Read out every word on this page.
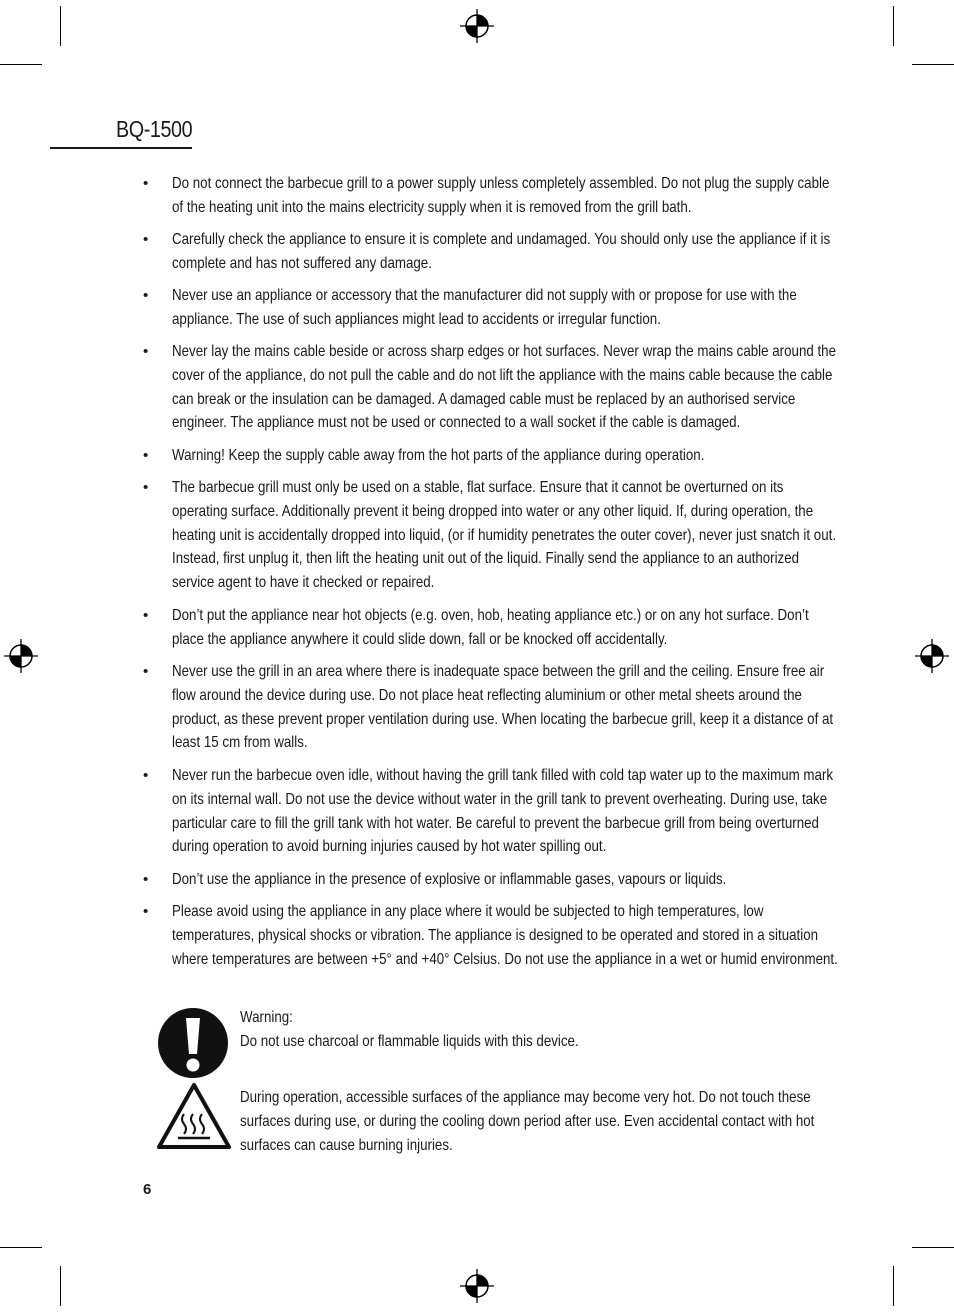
BQ-1500
• Do not connect the barbecue grill to a power supply unless completely assembled. Do not plug the supply cable of the heating unit into the mains electricity supply when it is removed from the grill bath.
• Carefully check the appliance to ensure it is complete and undamaged. You should only use the appliance if it is complete and has not suffered any damage.
• Never use an appliance or accessory that the manufacturer did not supply with or propose for use with the appliance. The use of such appliances might lead to accidents or irregular function.
• Never lay the mains cable beside or across sharp edges or hot surfaces. Never wrap the mains cable around the cover of the appliance, do not pull the cable and do not lift the appliance with the mains cable because the cable can break or the insulation can be damaged. A damaged cable must be replaced by an authorised service engineer. The appliance must not be used or connected to a wall socket if the cable is damaged.
• Warning! Keep the supply cable away from the hot parts of the appliance during operation.
• The barbecue grill must only be used on a stable, flat surface. Ensure that it cannot be overturned on its operating surface. Additionally prevent it being dropped into water or any other liquid. If, during operation, the heating unit is accidentally dropped into liquid, (or if humidity penetrates the outer cover), never just snatch it out. Instead, first unplug it, then lift the heating unit out of the liquid. Finally send the appliance to an authorized service agent to have it checked or repaired.
• Don’t put the appliance near hot objects (e.g. oven, hob, heating appliance etc.) or on any hot surface. Don’t place the appliance anywhere it could slide down, fall or be knocked off accidentally.
• Never use the grill in an area where there is inadequate space between the grill and the ceiling. Ensure free air flow around the device during use. Do not place heat reflecting aluminium or other metal sheets around the product, as these prevent proper ventilation during use. When locating the barbecue grill, keep it a distance of at least 15 cm from walls.
• Never run the barbecue oven idle, without having the grill tank filled with cold tap water up to the maximum mark on its internal wall. Do not use the device without water in the grill tank to prevent overheating. During use, take particular care to fill the grill tank with hot water. Be careful to prevent the barbecue grill from being overturned during operation to avoid burning injuries caused by hot water spilling out.
• Don’t use the appliance in the presence of explosive or inflammable gases, vapours or liquids.
• Please avoid using the appliance in any place where it would be subjected to high temperatures, low temperatures, physical shocks or vibration. The appliance is designed to be operated and stored in a situation where temperatures are between +5° and +40° Celsius. Do not use the appliance in a wet or humid environment.
Warning:
Do not use charcoal or flammable liquids with this device.
During operation, accessible surfaces of the appliance may become very hot. Do not touch these surfaces during use, or during the cooling down period after use. Even accidental contact with hot surfaces can cause burning injuries.
6
